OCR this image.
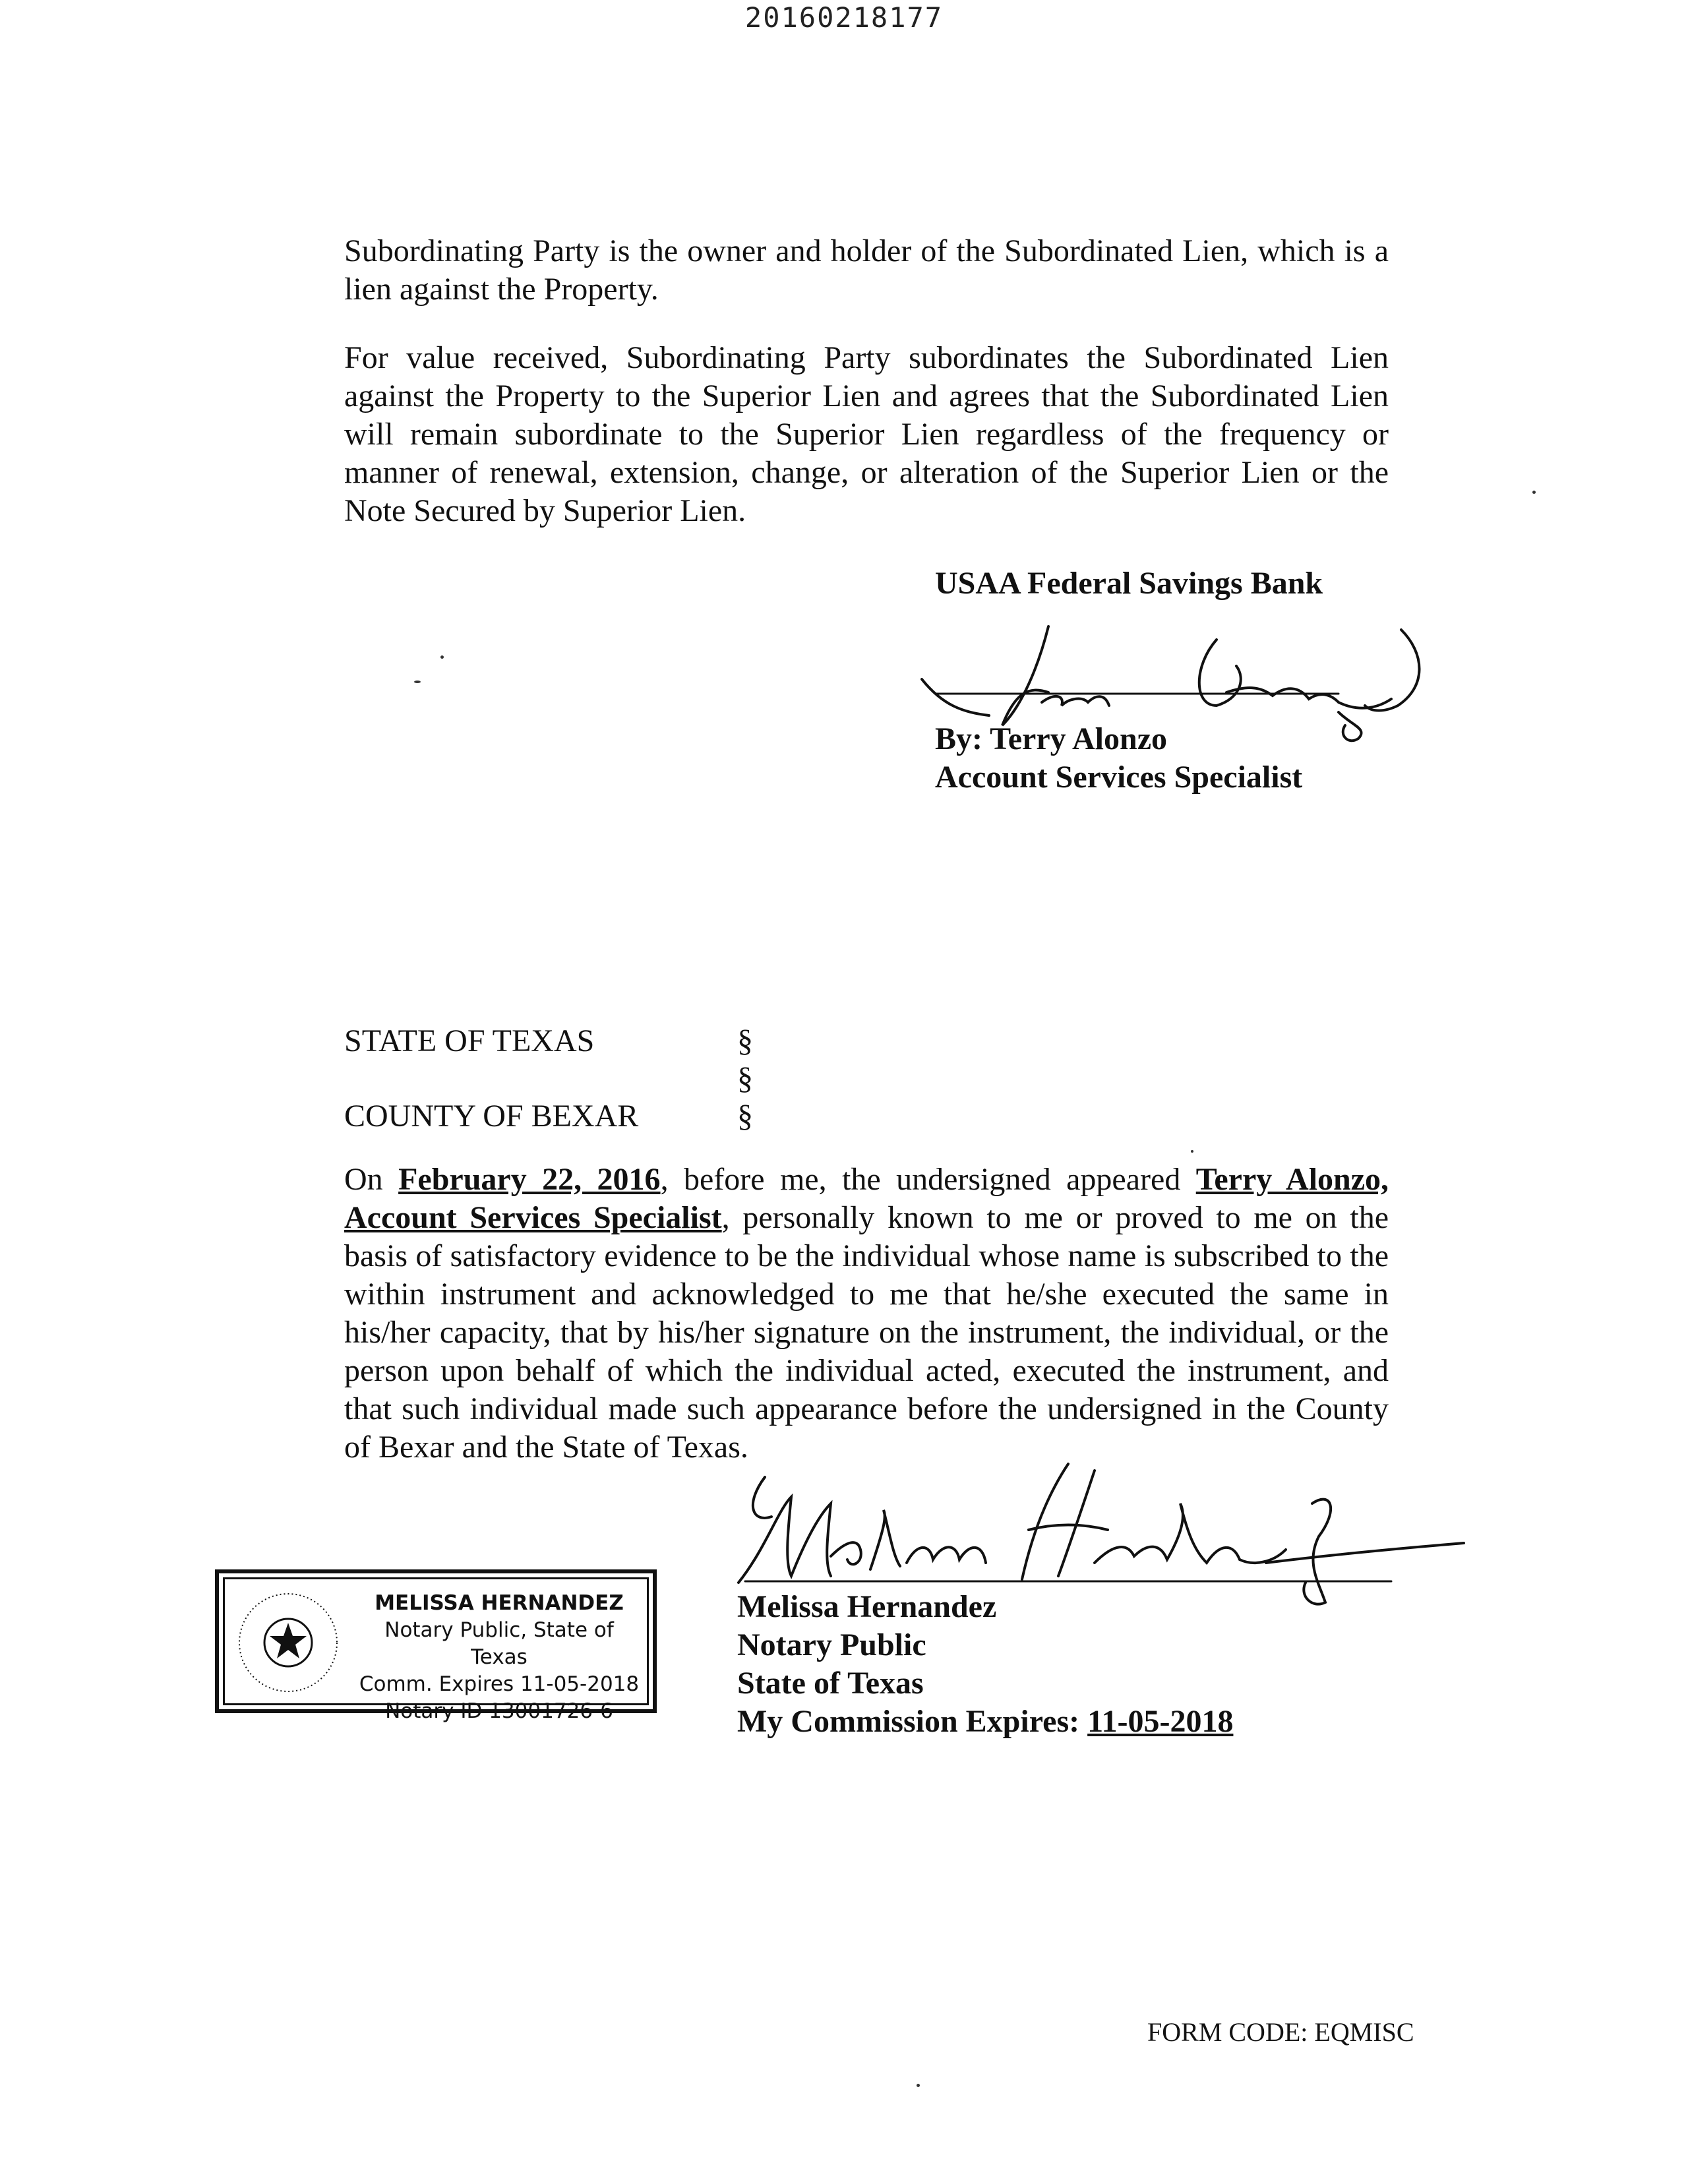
20160218177
Subordinating Party is the owner and holder of the Subordinated Lien, which is a lien against the Property.
For value received, Subordinating Party subordinates the Subordinated Lien against the Property to the Superior Lien and agrees that the Subordinated Lien will remain subordinate to the Superior Lien regardless of the frequency or manner of renewal, extension, change, or alteration of the Superior Lien or the Note Secured by Superior Lien.
USAA Federal Savings Bank
By: Terry Alonzo
Account Services Specialist
STATE OF TEXAS	§
§
§
COUNTY OF BEXAR
On February 22, 2016, before me, the undersigned appeared Terry Alonzo, Account Services Specialist, personally known to me or proved to me on the basis of satisfactory evidence to be the individual whose name is subscribed to the within instrument and acknowledged to me that he/she executed the same in his/her capacity, that by his/her signature on the instrument, the individual, or the person upon behalf of which the individual acted, executed the instrument, and that such individual made such appearance before the undersigned in the County of Bexar and the State of Texas.
MELISSA HERNANDEZ
Notary Public, State of Texas
Comm. Expires 11-05-2018
Notary ID 13001726-6
Melissa Hernandez
Notary Public
State of Texas
My Commission Expires: 11-05-2018
FORM CODE: EQMISC
